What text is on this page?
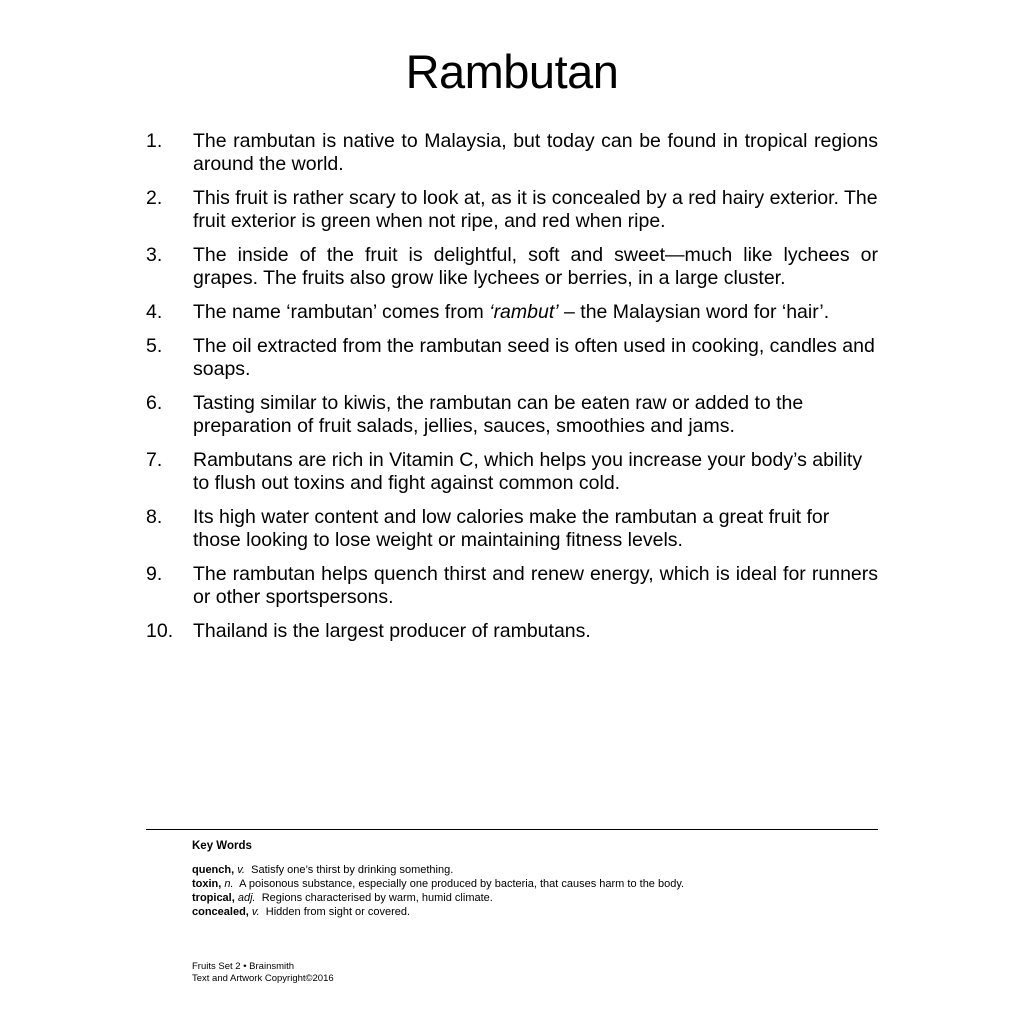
Rambutan
1.	The rambutan is native to Malaysia, but today can be found in tropical regions around the world.
2.	This fruit is rather scary to look at, as it is concealed by a red hairy exterior. The fruit exterior is green when not ripe, and red when ripe.
3.	The inside of the fruit is delightful, soft and sweet—much like lychees or grapes. The fruits also grow like lychees or berries, in a large cluster.
4.	The name ‘rambutan’ comes from ‘rambut’ – the Malaysian word for ‘hair’.
5.	The oil extracted from the rambutan seed is often used in cooking, candles and soaps.
6.	Tasting similar to kiwis, the rambutan can be eaten raw or added to the preparation of fruit salads, jellies, sauces, smoothies and jams.
7.	Rambutans are rich in Vitamin C, which helps you increase your body’s ability to flush out toxins and fight against common cold.
8.	Its high water content and low calories make the rambutan a great fruit for those looking to lose weight or maintaining fitness levels.
9.	The rambutan helps quench thirst and renew energy, which is ideal for runners or other sportspersons.
10.	Thailand is the largest producer of rambutans.
Key Words
quench, v. Satisfy one’s thirst by drinking something.
toxin, n. A poisonous substance, especially one produced by bacteria, that causes harm to the body.
tropical, adj. Regions characterised by warm, humid climate.
concealed, v. Hidden from sight or covered.
Fruits Set 2 • Brainsmith
Text and Artwork Copyright©2016
